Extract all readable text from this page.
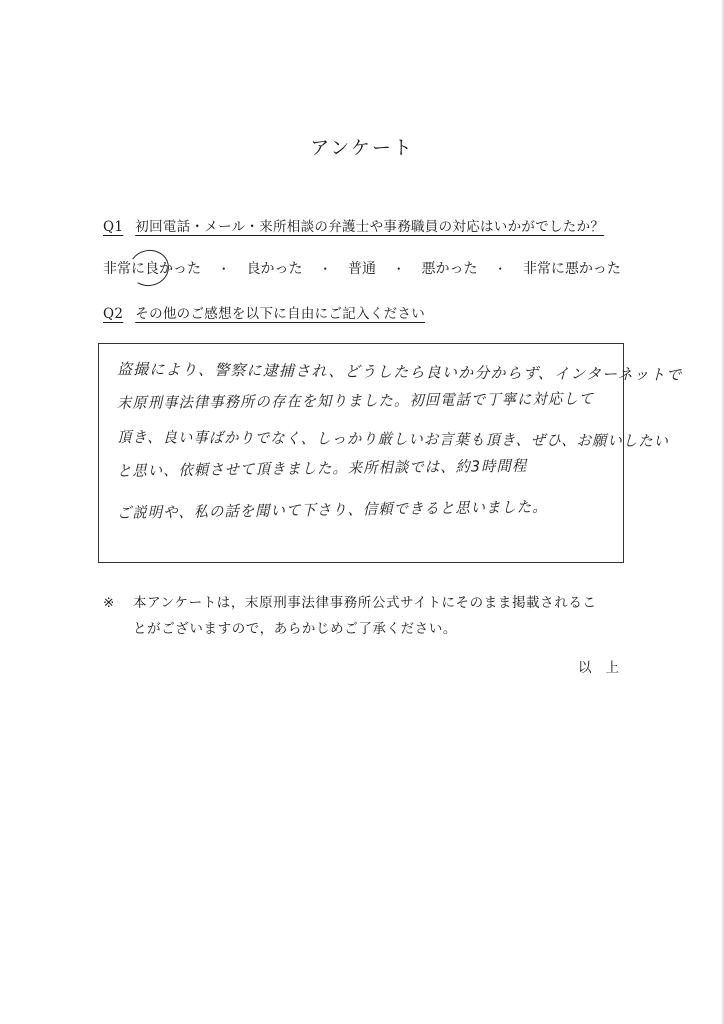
アンケート
Q1 初回電話・メール・来所相談の弁護士や事務職員の対応はいかがでしたか？
非常に良かった ・ 良かった ・ 普通 ・ 悪かった ・ 非常に悪かった
Q2 その他のご感想を以下に自由にご記入ください
盗撮により、警察に逮捕され、どうしたら良いか分からず、インターネットで
末原刑事法律事務所の存在を知りました。初回電話で丁寧に対応して
頂き、良い事ばかりでなく、しっかり厳しいお言葉も頂き、ぜひ、お願いしたい
と思い、依頼させて頂きました。来所相談では、約3時間程
ご説明や、私の話を聞いて下さり、信頼できると思いました。
※	本アンケートは，末原刑事法律事務所公式サイトにそのまま掲載されるこ
とがございますので，あらかじめご了承ください。
以上
